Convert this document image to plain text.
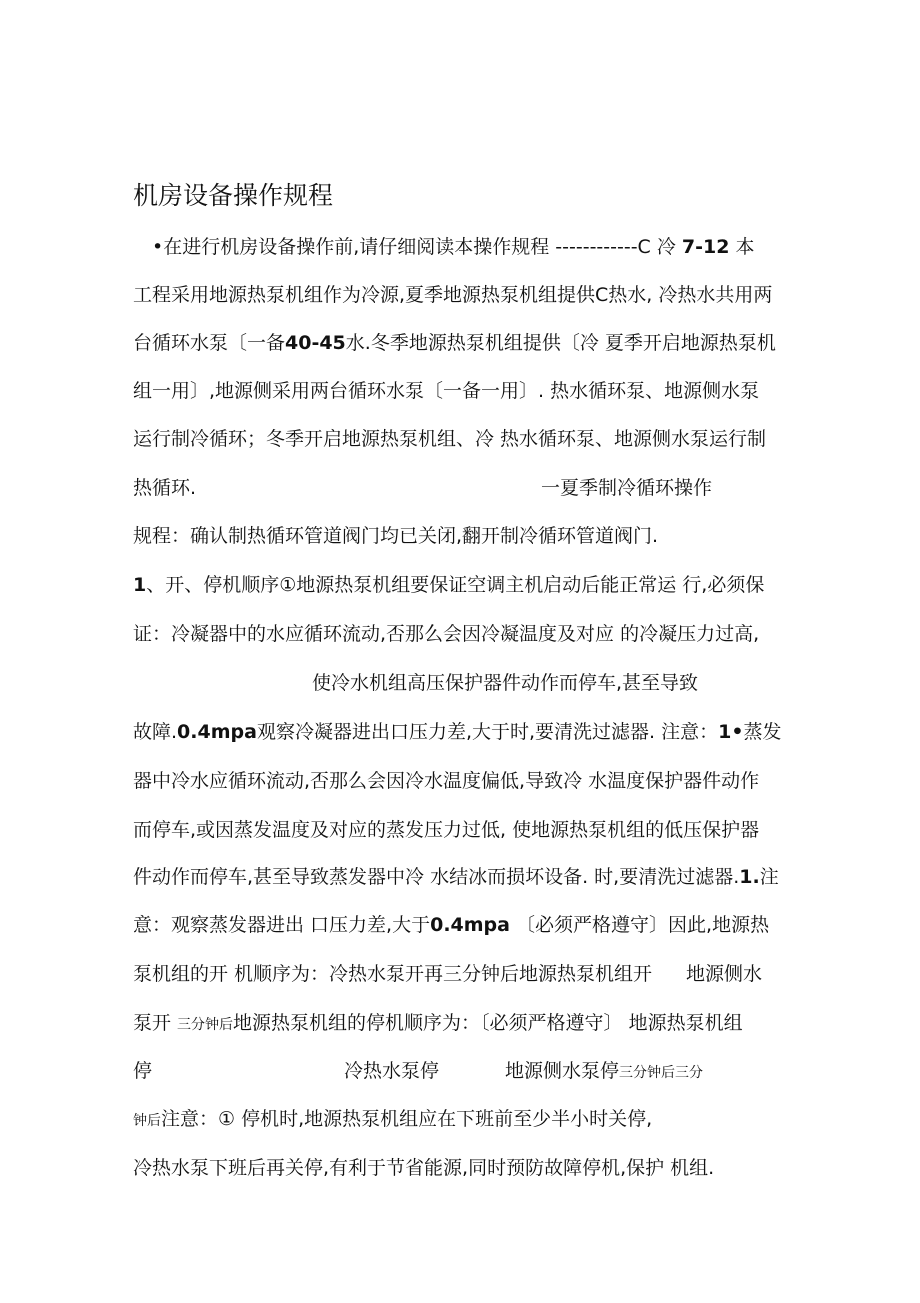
机房设备操作规程
•在进行机房设备操作前,请仔细阅读本操作规程 ------------C 冷 7-12 本
工程采用地源热泵机组作为冷源,夏季地源热泵机组提供C热水, 冷热水共用两
台循环水泵〔一备40-45水.冬季地源热泵机组提供〔冷 夏季开启地源热泵机
组一用〕,地源侧采用两台循环水泵〔一备一用〕. 热水循环泵、地源侧水泵
运行制冷循环；冬季开启地源热泵机组、冷 热水循环泵、地源侧水泵运行制
热循环.	一夏季制冷循环操作
规程：确认制热循环管道阀门均已关闭,翻开制冷循环管道阀门.
1、开、停机顺序①地源热泵机组要保证空调主机启动后能正常运 行,必须保
证：冷凝器中的水应循环流动,否那么会因冷凝温度及对应 的冷凝压力过高,
使冷水机组高压保护器件动作而停车,甚至导致
故障.0.4mpa观察冷凝器进出口压力差,大于时,要清洗过滤器. 注意：1•蒸发
器中冷水应循环流动,否那么会因冷水温度偏低,导致冷 水温度保护器件动作
而停车,或因蒸发温度及对应的蒸发压力过低, 使地源热泵机组的低压保护器
件动作而停车,甚至导致蒸发器中冷 水结冰而损坏设备. 时,要清洗过滤器.1.注
意：观察蒸发器进出 口压力差,大于0.4mpa 〔必须严格遵守〕因此,地源热
泵机组的开 机顺序为：冷热水泵开再三分钟后地源热泵机组开 地源侧水
泵开 三分钟后地源热泵机组的停机顺序为：〔必须严格遵守〕 地源热泵机组
停	冷热水泵停	地源侧水泵停三分钟后三分
钟后注意：① 停机时,地源热泵机组应在下班前至少半小时关停,
冷热水泵下班后再关停,有利于节省能源,同时预防故障停机,保护 机组.
